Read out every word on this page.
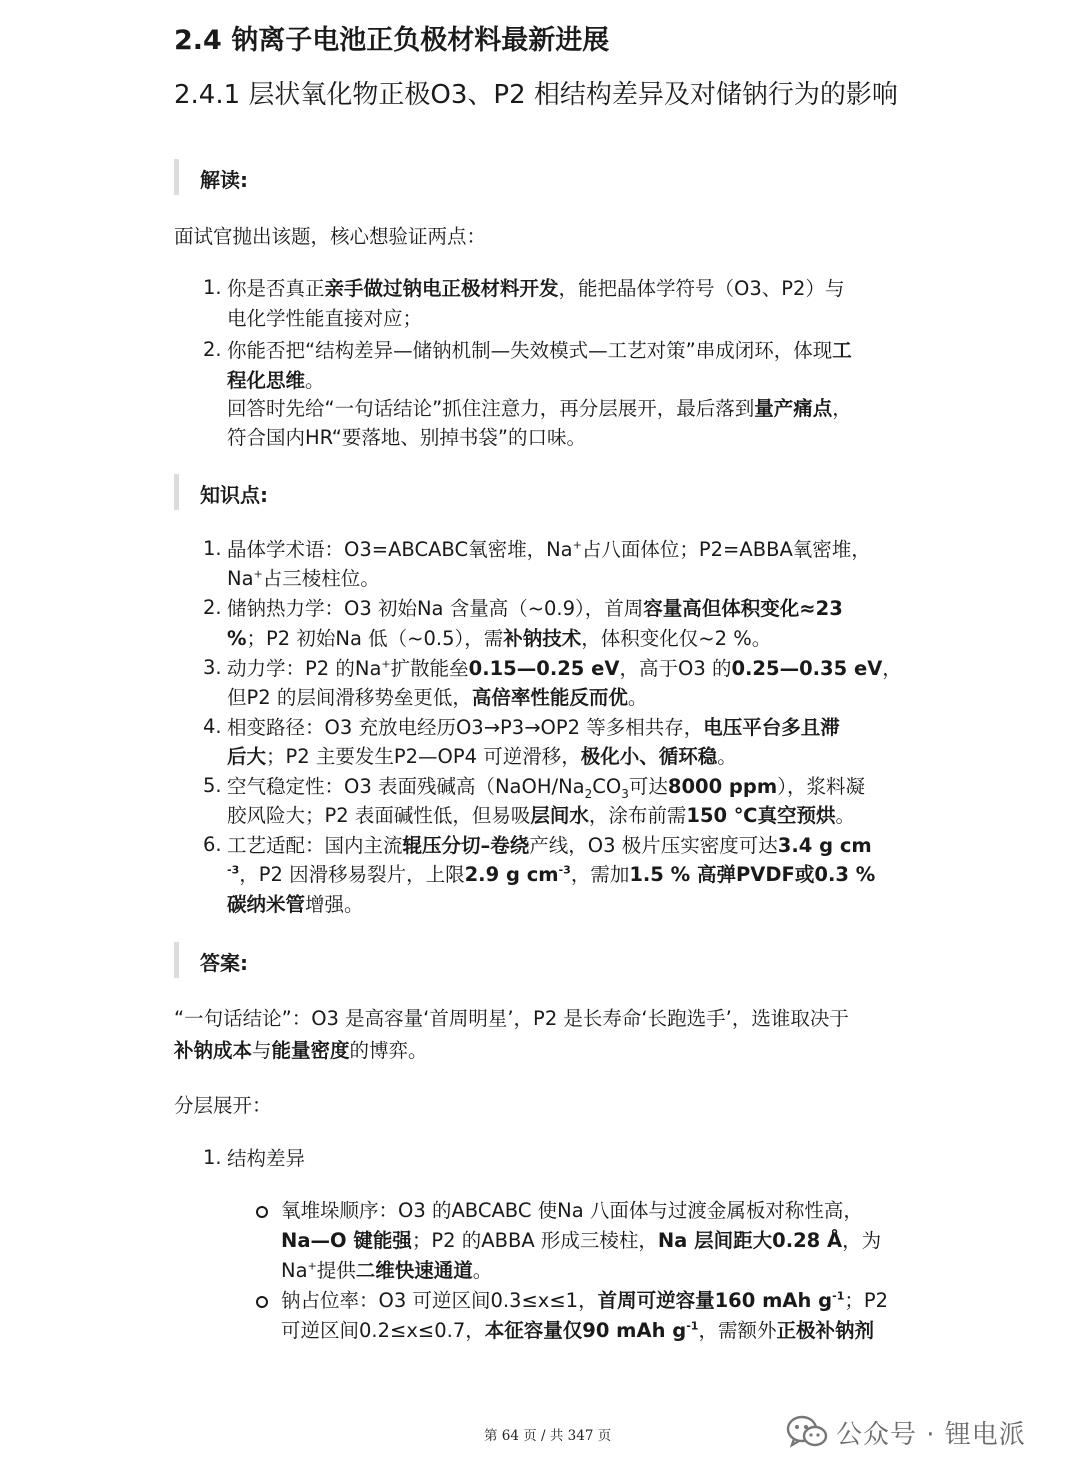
2.4 钠离子电池正负极材料最新进展
2.4.1 层状氧化物正极O3、P2 相结构差异及对储钠行为的影响
解读:
面试官抛出该题，核心想验证两点：
1. 你是否真正亲手做过钠电正极材料开发，能把晶体学符号（O3、P2）与
电化学性能直接对应；
2. 你能否把“结构差异—储钠机制—失效模式—工艺对策”串成闭环，体现工
程化思维。
回答时先给“一句话结论”抓住注意力，再分层展开，最后落到量产痛点，
符合国内HR“要落地、别掉书袋”的口味。
知识点:
1. 晶体学术语：O3=ABCABC氧密堆，Na+占八面体位；P2=ABBA氧密堆，
Na+占三棱柱位。
2. 储钠热力学：O3 初始Na 含量高（~0.9），首周容量高但体积变化≈23
%；P2 初始Na 低（~0.5），需补钠技术，体积变化仅~2 %。
3. 动力学：P2 的Na+扩散能垒0.15—0.25 eV，高于O3 的0.25—0.35 eV，
但P2 的层间滑移势垒更低，高倍率性能反而优。
4. 相变路径：O3 充放电经历O3→P3→OP2 等多相共存，电压平台多且滞
后大；P2 主要发生P2—OP4 可逆滑移，极化小、循环稳。
5. 空气稳定性：O3 表面残碱高（$NaOH/Na_2CO_3$可达8000 ppm），浆料凝
胶风险大；P2 表面碱性低，但易吸层间水，涂布前需150 ℃真空预烘。
6. 工艺适配：国内主流辊压分切–卷绕产线，O3 极片压实密度可达3.4 g cm
$^{-3}$，P2 因滑移易裂片，上限2.9 g $cm^{-3}$，需加1.5 % 高弹PVDF或0.3 %
碳纳米管增强。
答案:
“一句话结论”：O3 是高容量‘首周明星’，P2 是长寿命‘长跑选手’，选谁取决于
补钠成本与能量密度的博弈。
分层展开：
1. 结构差异
氧堆垛顺序：O3 的ABCABC 使Na 八面体与过渡金属板对称性高，
Na—O 键能强；P2 的ABBA 形成三棱柱，Na 层间距大0.28 Å，为
Na+提供二维快速通道。
钠占位率：O3 可逆区间0.3≤x≤1，首周可逆容量160 mAh $g^{-1}$；P2
可逆区间0.2≤x≤0.7，本征容量仅90 mAh $g^{-1}$，需额外正极补钠剂
第 64 页 / 共 347 页	公众号 · 锂电派
